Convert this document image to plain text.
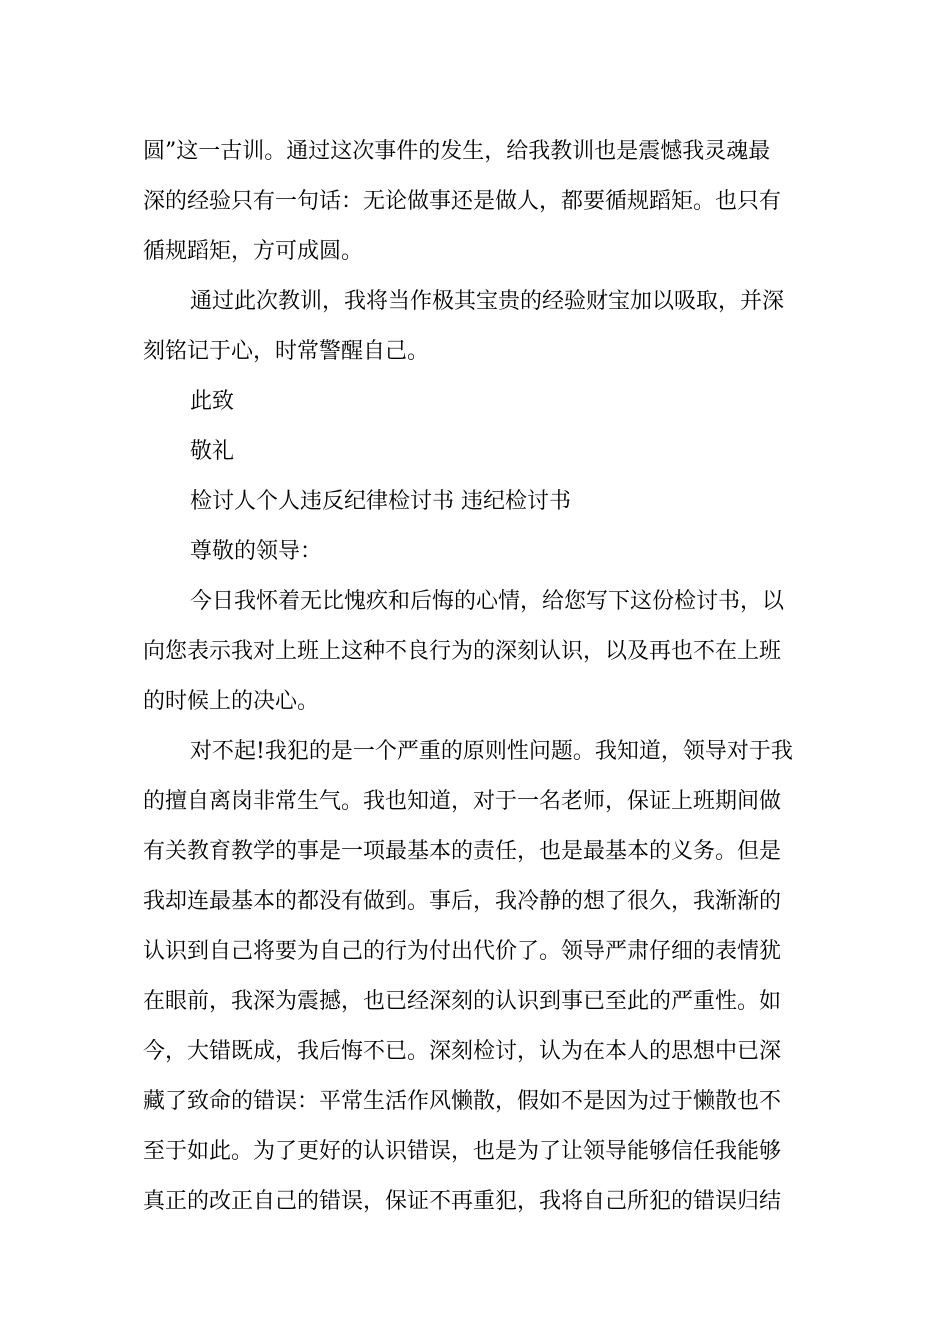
圆”这一古训。通过这次事件的发生，给我教训也是震憾我灵魂最
深的经验只有一句话：无论做事还是做人，都要循规蹈矩。也只有
循规蹈矩，方可成圆。
通过此次教训，我将当作极其宝贵的经验财宝加以吸取，并深
刻铭记于心，时常警醒自己。
此致
敬礼
检讨人个人违反纪律检讨书 违纪检讨书
尊敬的领导：
今日我怀着无比愧疚和后悔的心情，给您写下这份检讨书，以
向您表示我对上班上这种不良行为的深刻认识，以及再也不在上班
的时候上的决心。
对不起!我犯的是一个严重的原则性问题。我知道，领导对于我
的擅自离岗非常生气。我也知道，对于一名老师，保证上班期间做
有关教育教学的事是一项最基本的责任，也是最基本的义务。但是
我却连最基本的都没有做到。事后，我冷静的想了很久，我渐渐的
认识到自己将要为自己的行为付出代价了。领导严肃仔细的表情犹
在眼前，我深为震撼，也已经深刻的认识到事已至此的严重性。如
今，大错既成，我后悔不已。深刻检讨，认为在本人的思想中已深
藏了致命的错误：平常生活作风懒散，假如不是因为过于懒散也不
至于如此。为了更好的认识错误，也是为了让领导能够信任我能够
真正的改正自己的错误，保证不再重犯，我将自己所犯的错误归结
